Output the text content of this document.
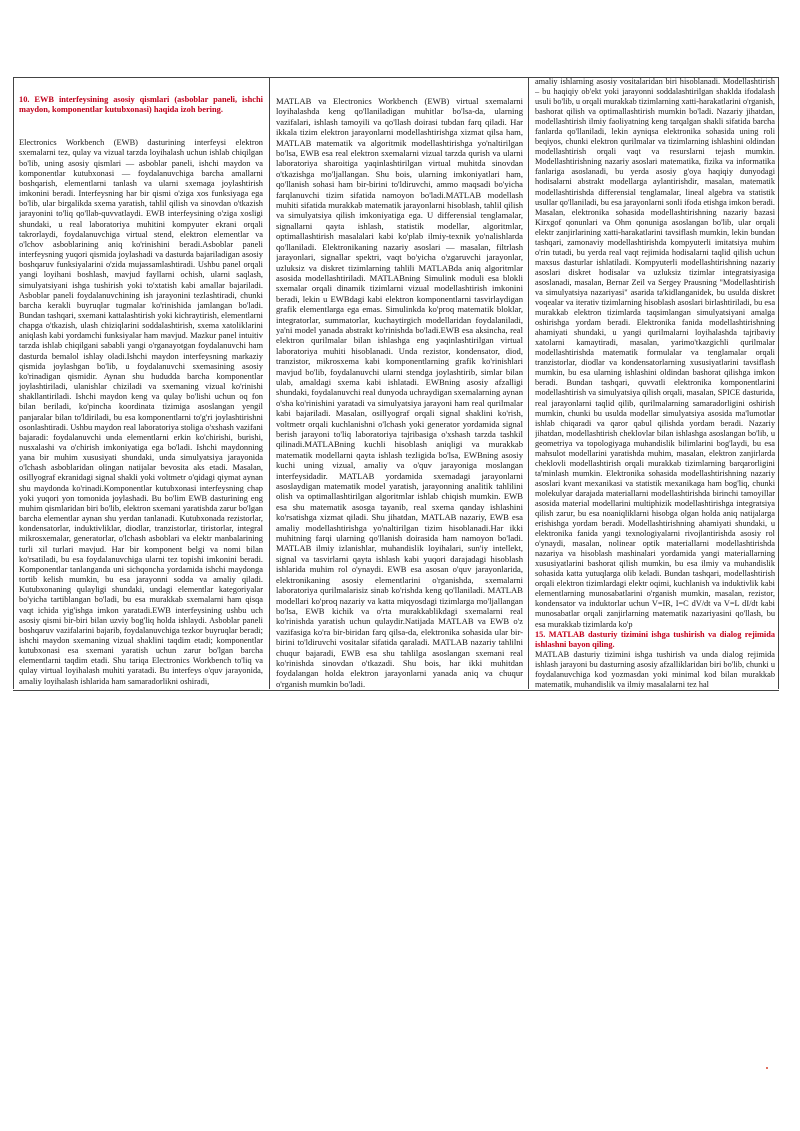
10. EWB interfeysining asosiy qismlari (asboblar paneli, ishchi maydon, komponentlar kutubxonasi) haqida izoh bering.

Electronics Workbench (EWB) dasturining interfeysi elektron sxemalarni tez, qulay va vizual tarzda loyihalash uchun ishlab chiqilgan bo'lib, uning asosiy qismlari — asboblar paneli, ishchi maydon va komponentlar kutubxonasi — foydalanuvchiga barcha amallarni boshqarish, elementlarni tanlash va ularni sxemaga joylashtirish imkonini beradi. Interfeysning har bir qismi o'ziga xos funksiyaga ega bo'lib, ular birgalikda sxema yaratish, tahlil qilish va sinovdan o'tkazish jarayonini to'liq qo'llab-quvvatlaydi. EWB interfeysining o'ziga xosligi shundaki, u real laboratoriya muhitini kompyuter ekrani orqali takrorlaydi, foydalanuvchiga virtual stend, elektron elementlar va o'lchov asboblarining aniq ko'rinishini beradi.Asboblar paneli interfeysning yuqori qismida joylashadi va dasturda bajariladigan asosiy boshqaruv funksiyalarini o'zida mujassamlashtiradi. Ushbu panel orqali yangi loyihani boshlash, mavjud fayllarni ochish, ularni saqlash, simulyatsiyani ishga tushirish yoki to'xtatish kabi amallar bajariladi. Asboblar paneli foydalanuvchining ish jarayonini tezlashtiradi, chunki barcha kerakli buyruqlar tugmalar ko'rinishida jamlangan bo'ladi. Bundan tashqari, sxemani kattalashtirish yoki kichraytirish, elementlarni chapga o'tkazish, ulash chiziqlarini soddalashtirish, sxema xatoliklarini aniqlash kabi yordamchi funksiyalar ham mavjud. Mazkur panel intuitiv tarzda ishlab chiqilgani sababli yangi o'rganayotgan foydalanuvchi ham dasturda bemalol ishlay oladi.Ishchi maydon interfeysning markaziy qismida joylashgan bo'lib, u foydalanuvchi sxemasining asosiy ko'rinadigan qismidir. Aynan shu hududda barcha komponentlar joylashtiriladi, ulanishlar chiziladi va sxemaning vizual ko'rinishi shakllantiriladi. Ishchi maydon keng va qulay bo'lishi uchun oq fon bilan beriladi, ko'pincha koordinata tizimiga asoslangan yengil panjaralar bilan to'ldiriladi, bu esa komponentlarni to'g'ri joylashtirishni osonlashtiradi. Ushbu maydon real laboratoriya stoliga o'xshash vazifani bajaradi: foydalanuvchi unda elementlarni erkin ko'chirishi, burishi, nusxalashi va o'chirish imkoniyatiga ega bo'ladi. Ishchi maydonning yana bir muhim xususiyati shundaki, unda simulyatsiya jarayonida o'lchash asboblaridan olingan natijalar bevosita aks etadi. Masalan, osillyograf ekranidagi signal shakli yoki voltmetr o'qidagi qiymat aynan shu maydonda ko'rinadi.Komponentlar kutubxonasi interfeysning chap yoki yuqori yon tomonida joylashadi. Bu bo'lim EWB dasturining eng muhim qismlaridan biri bo'lib, elektron sxemani yaratishda zarur bo'lgan barcha elementlar aynan shu yerdan tanlanadi. Kutubxonada rezistorlar, kondensatorlar, induktivliklar, diodlar, tranzistorlar, tiristorlar, integral mikrosxemalar, generatorlar, o'lchash asboblari va elektr manbalarining turli xil turlari mavjud. Har bir komponent belgi va nomi bilan ko'rsatiladi, bu esa foydalanuvchiga ularni tez topishi imkonini beradi. Komponentlar tanlanganda uni sichqoncha yordamida ishchi maydonga tortib kelish mumkin, bu esa jarayonni sodda va amaliy qiladi. Kutubxonaning qulayligi shundaki, undagi elementlar kategoriyalar bo'yicha tartiblangan bo'ladi, bu esa murakkab sxemalarni ham qisqa vaqt ichida yig'ishga imkon yaratadi.EWB interfeysining ushbu uch asosiy qismi bir-biri bilan uzviy bog'liq holda ishlaydi. Asboblar paneli boshqaruv vazifalarini bajarib, foydalanuvchiga tezkor buyruqlar beradi; ishchi maydon sxemaning vizual shaklini taqdim etadi; komponentlar kutubxonasi esa sxemani yaratish uchun zarur bo'lgan barcha elementlarni taqdim etadi. Shu tariqa Electronics Workbench to'liq va qulay virtual loyihalash muhiti yaratadi. Bu interfeys o'quv jarayonida, amaliy loyihalash ishlarida ham samaradorlikni oshiradi,

MATLAB va Electronics Workbench (EWB) virtual sxemalarni loyihalashda keng qo'llaniladigan muhitlar bo'lsa-da, ularning vazifalari, ishlash tamoyili va qo'llash doirasi tubdan farq qiladi. Har ikkala tizim elektron jarayonlarni modellashtirishga xizmat qilsa ham, MATLAB matematik va algoritmik modellashtirishga yo'naltirilgan bo'lsa, EWB esa real elektron sxemalarni vizual tarzda qurish va ularni laboratoriya sharoitiga yaqinlashtirilgan virtual muhitda sinovdan o'tkazishga mo'ljallangan. Shu bois, ularning imkoniyatlari ham, qo'llanish sohasi ham bir-birini to'ldiruvchi, ammo maqsadi bo'yicha farqlanuvchi tizim sifatida namoyon bo'ladi.MATLAB modellash muhiti sifatida murakkab matematik jarayonlarni hisoblash, tahlil qilish va simulyatsiya qilish imkoniyatiga ega. U differensial tenglamalar, signallarni qayta ishlash, statistik modellar, algoritmlar, optimallashtirish masalalari kabi ko'plab ilmiy-texnik yo'nalishlarda qo'llaniladi. Elektronikaning nazariy asoslari — masalan, filtrlash jarayonlari, signallar spektri, vaqt bo'yicha o'zgaruvchi jarayonlar, uzluksiz va diskret tizimlarning tahlili MATLABda aniq algoritmlar asosida modellashtiriladi. MATLABning Simulink moduli esa blokli sxemalar orqali dinamik tizimlarni vizual modellashtirish imkonini beradi, lekin u EWBdagi kabi elektron komponentlarni tasvirlaydigan grafik elementlarga ega emas. Simulinkda ko'proq matematik bloklar, integratorlar, summatorlar, kuchaytirgich modellaridan foydalaniladi, ya'ni model yanada abstrakt ko'rinishda bo'ladi.EWB esa aksincha, real elektron qurilmalar bilan ishlashga eng yaqinlashtirilgan virtual laboratoriya muhiti hisoblanadi. Unda rezistor, kondensator, diod, tranzistor, mikrosxema kabi komponentlarning grafik ko'rinishlari mavjud bo'lib, foydalanuvchi ularni stendga joylashtirib, simlar bilan ulab, amaldagi sxema kabi ishlatadi. EWBning asosiy afzalligi shundaki, foydalanuvchi real dunyoda uchraydigan sxemalarning aynan o'sha ko'rinishini yaratadi va simulyatsiya jarayoni ham real qurilmalar kabi bajariladi. Masalan, osillyograf orqali signal shaklini ko'rish, voltmetr orqali kuchlanishni o'lchash yoki generator yordamida signal berish jarayoni to'liq laboratoriya tajribasiga o'xshash tarzda tashkil qilinadi.MATLABning kuchli hisoblash aniqligi va murakkab matematik modellarni qayta ishlash tezligida bo'lsa, EWBning asosiy kuchi uning vizual, amaliy va o'quv jarayoniga moslangan interfeysidadir. MATLAB yordamida sxemadagi jarayonlarni asoslaydigan matematik model yaratish, jarayonning analitik tahlilini olish va optimallashtirilgan algoritmlar ishlab chiqish mumkin. EWB esa shu matematik asosga tayanib, real sxema qanday ishlashini ko'rsatishga xizmat qiladi. Shu jihatdan, MATLAB nazariy, EWB esa amaliy modellashtirishga yo'naltirilgan tizim hisoblanadi.Har ikki muhitning farqi ularning qo'llanish doirasida ham namoyon bo'ladi. MATLAB ilmiy izlanishlar, muhandislik loyihalari, sun'iy intellekt, signal va tasvirlarni qayta ishlash kabi yuqori darajadagi hisoblash ishlarida muhim rol o'ynaydi. EWB esa asosan o'quv jarayonlarida, elektronikaning asosiy elementlarini o'rganishda, sxemalarni laboratoriya qurilmalarisiz sinab ko'rishda keng qo'llaniladi. MATLAB modellari ko'proq nazariy va katta miqyosdagi tizimlarga mo'ljallangan bo'lsa, EWB kichik va o'rta murakkablikdagi sxemalarni real ko'rinishda yaratish uchun qulaydir.Natijada MATLAB va EWB o'z vazifasiga ko'ra bir-biridan farq qilsa-da, elektronika sohasida ular bir-birini to'ldiruvchi vositalar sifatida qaraladi. MATLAB nazariy tahlilni chuqur bajaradi, EWB esa shu tahlilga asoslangan sxemani real ko'rinishda sinovdan o'tkazadi. Shu bois, har ikki muhitdan foydalangan holda elektron jarayonlarni yanada aniq va chuqur o'rganish mumkin bo'ladi.

amaliy ishlarning asosiy vositalaridan biri hisoblanadi. Modellashtirish – bu haqiqiy ob'ekt yoki jarayonni soddalashtirilgan shaklda ifodalash usuli bo'lib, u orqali murakkab tizimlarning xatti-harakatlarini o'rganish, bashorat qilish va optimallashtirish mumkin bo'ladi. Nazariy jihatdan, modellashtirish ilmiy faoliyatning keng tarqalgan shakli sifatida barcha fanlarda qo'llaniladi, lekin ayniqsa elektronika sohasida uning roli beqiyos, chunki elektron qurilmalar va tizimlarning ishlashini oldindan modellashtirish orqali vaqt va resurslarni tejash mumkin. Modellashtirishning nazariy asoslari matematika, fizika va informatika fanlariga asoslanadi, bu yerda asosiy g'oya haqiqiy dunyodagi hodisalarni abstrakt modellarga aylantirishdir, masalan, matematik modellashtirishda differensial tenglamalar, lineal algebra va statistik usullar qo'llaniladi, bu esa jarayonlarni sonli ifoda etishga imkon beradi. Masalan, elektronika sohasida modellashtirishning nazariy bazasi Kirxgof qonunlari va Ohm qonuniga asoslangan bo'lib, ular orqali elektr zanjirlarining xatti-harakatlarini tavsiflash mumkin, lekin bundan tashqari, zamonaviy modellashtirishda kompyuterli imitatsiya muhim o'rin tutadi, bu yerda real vaqt rejimida hodisalarni taqlid qilish uchun maxsus dasturlar ishlatiladi. Kompyuterli modellashtirishning nazariy asoslari diskret hodisalar va uzluksiz tizimlar integratsiyasiga asoslanadi, masalan, Bernar Zeil va Sergey Prausning "Modellashtirish va simulyatsiya nazariyasi" asarida ta'kidlanganidek, bu usulda diskret voqealar va iterativ tizimlarning hisoblash asoslari birlashtiriladi, bu esa murakkab elektron tizimlarda taqsimlangan simulyatsiyani amalga oshirishga yordam beradi. Elektronika fanida modellashtirishning ahamiyati shundaki, u yangi qurilmalarni loyihalashda tajribaviy xatolarni kamaytiradi, masalan, yarimo'tkazgichli qurilmalar modellashtirishda matematik formulalar va tenglamalar orqali tranzistorlar, diodlar va kondensatorlarning xususiyatlarini tavsiflash mumkin, bu esa ularning ishlashini oldindan bashorat qilishga imkon beradi. Bundan tashqari, quvvatli elektronika komponentlarini modellashtirish va simulyatsiya qilish orqali, masalan, SPICE dasturida, real jarayonlarni taqlid qilib, qurilmalarning samaradorligini oshirish mumkin, chunki bu usulda modellar simulyatsiya asosida ma'lumotlar ishlab chiqaradi va qaror qabul qilishda yordam beradi. Nazariy jihatdan, modellashtirish cheklovlar bilan ishlashga asoslangan bo'lib, u geometriya va topologiyaga muhandislik bilimlarini bog'laydi, bu esa mahsulot modellarini yaratishda muhim, masalan, elektron zanjirlarda cheklovli modellashtirish orqali murakkab tizimlarning barqarorligini ta'minlash mumkin. Elektronika sohasida modellashtirishning nazariy asoslari kvant mexanikasi va statistik mexanikaga ham bog'liq, chunki molekulyar darajada materiallarni modellashtirishda birinchi tamoyillar asosida material modellarini multiphizik modellashtirishga integratsiya qilish zarur, bu esa noaniqliklarni hisobga olgan holda aniq natijalarga erishishga yordam beradi. Modellashtirishning ahamiyati shundaki, u elektronika fanida yangi texnologiyalarni rivojlantirishda asosiy rol o'ynaydi, masalan, nolinear optik materiallarni modellashtirishda nazariya va hisoblash mashinalari yordamida yangi materiallarning xususiyatlarini bashorat qilish mumkin, bu esa ilmiy va muhandislik sohasida katta yutuqlarga olib keladi. Bundan tashqari, modellashtirish orqali elektron tizimlardagi elektr oqimi, kuchlanish va induktivlik kabi elementlarning munosabatlarini o'rganish mumkin, masalan, rezistor, kondensator va induktorlar uchun V=IR, I=C dV/dt va V=L dI/dt kabi munosabatlar orqali zanjirlarning matematik nazariyasini qo'llash, bu esa murakkab tizimlarda ko'p

15. MATLAB dasturiy tizimini ishga tushirish va dialog rejimida ishlashni bayon qiling.

MATLAB dasturiy tizimini ishga tushirish va unda dialog rejimida ishlash jarayoni bu dasturning asosiy afzalliklaridan biri bo'lib, chunki u foydalanuvchiga kod yozmasdan yoki minimal kod bilan murakkab matematik, muhandislik va ilmiy masalalarni tez hal
